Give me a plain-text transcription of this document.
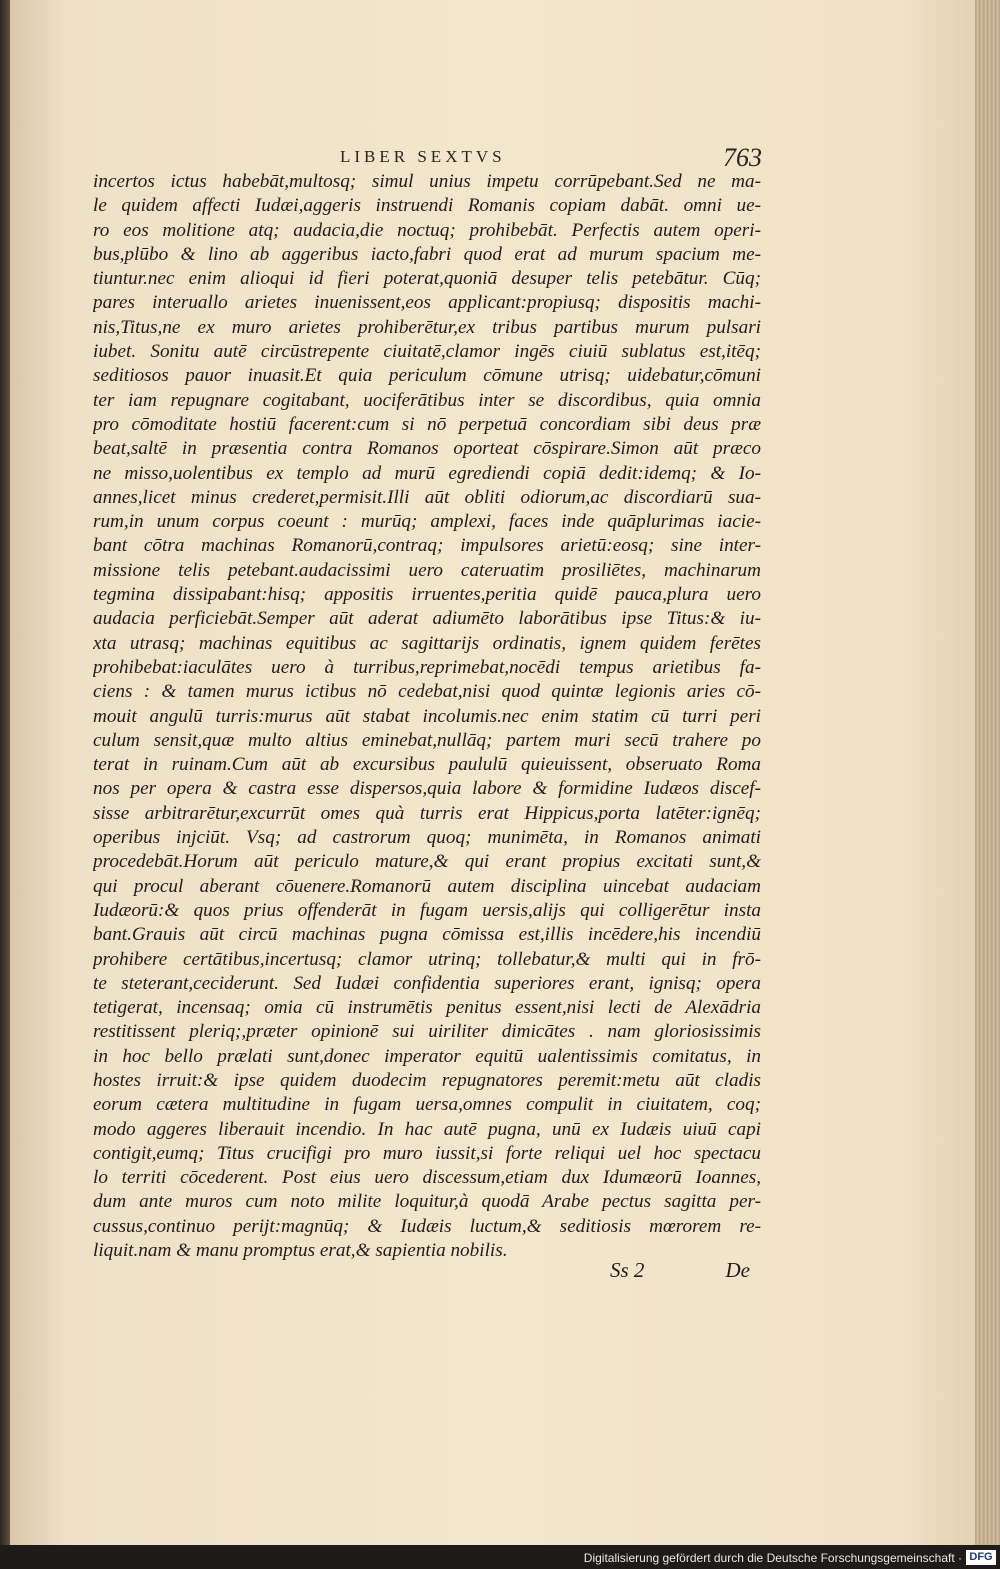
LIBER SEXTVS	763
incertos ictus habebāt,multosq; simul unius impetu corrūpebant.Sed ne ma-
le quidem affecti Iudæi,aggeris instruendi Romanis copiam dabāt. omni ue-
ro eos molitione atq; audacia,die noctuq; prohibebāt. Perfectis autem operi-
bus,plūbo & lino ab aggeribus iacto,fabri quod erat ad murum spacium me-
tiuntur.nec enim alioqui id fieri poterat,quoniā desuper telis petebātur. Cūq;
pares interuallo arietes inuenissent,eos applicant:propiusq; dispositis machi-
nis,Titus,ne ex muro arietes prohiberētur,ex tribus partibus murum pulsari
iubet. Sonitu autē circūstrepente ciuitatē,clamor ingēs ciuiū sublatus est,itēq;
seditiosos pauor inuasit.Et quia periculum cōmune utrisq; uidebatur,cōmuni
ter iam repugnare cogitabant, uociferātibus inter se discordibus, quia omnia
pro cōmoditate hostiū facerent:cum si nō perpetuā concordiam sibi deus præ
beat,saltē in præsentia contra Romanos oporteat cōspirare.Simon aūt præco
ne misso,uolentibus ex templo ad murū egrediendi copiā dedit:idemq; & Io-
annes,licet minus crederet,permisit.Illi aūt obliti odiorum,ac discordiarū sua-
rum,in unum corpus coeunt : murūq; amplexi, faces inde quāplurimas iacie-
bant cōtra machinas Romanorū,contraq; impulsores arietū:eosq; sine inter-
missione telis petebant.audacissimi uero cateruatim prosiliētes, machinarum
tegmina dissipabant:hisq; appositis irruentes,peritia quidē pauca,plura uero
audacia perficiebāt.Semper aūt aderat adiumēto laborātibus ipse Titus:& iu-
xta utrasq; machinas equitibus ac sagittarijs ordinatis, ignem quidem ferētes
prohibebat:iaculātes uero à turribus,reprimebat,nocēdi tempus arietibus fa-
ciens : & tamen murus ictibus nō cedebat,nisi quod quintæ legionis aries cō-
mouit angulū turris:murus aūt stabat incolumis.nec enim statim cū turri peri
culum sensit,quæ multo altius eminebat,nullāq; partem muri secū trahere po
terat in ruinam.Cum aūt ab excursibus paululū quieuissent, obseruato Roma
nos per opera & castra esse dispersos,quia labore & formidine Iudæos discef-
sisse arbitrarētur,excurrūt omes quà turris erat Hippicus,porta latēter:ignēq;
operibus injciūt. Vsq; ad castrorum quoq; munimēta, in Romanos animati
procedebāt.Horum aūt periculo mature,& qui erant propius excitati sunt,&
qui procul aberant cōuenere.Romanorū autem disciplina uincebat audaciam
Iudæorū:& quos prius offenderāt in fugam uersis,alijs qui colligerētur insta
bant.Grauis aūt circū machinas pugna cōmissa est,illis incēdere,his incendiū
prohibere certātibus,incertusq; clamor utrinq; tollebatur,& multi qui in frō-
te steterant,ceciderunt. Sed Iudæi confidentia superiores erant, ignisq; opera
tetigerat, incensaq; omia cū instrumētis penitus essent,nisi lecti de Alexādria
restitissent pleriq;,præter opinionē sui uiriliter dimicātes . nam gloriosissimis
in hoc bello prælati sunt,donec imperator equitū ualentissimis comitatus, in
hostes irruit:& ipse quidem duodecim repugnatores peremit:metu aūt cladis
eorum cætera multitudine in fugam uersa,omnes compulit in ciuitatem, coq;
modo aggeres liberauit incendio. In hac autē pugna, unū ex Iudæis uiuū capi
contigit,eumq; Titus crucifigi pro muro iussit,si forte reliqui uel hoc spectacu
lo territi cōcederent. Post eius uero discessum,etiam dux Idumæorū Ioannes,
dum ante muros cum noto milite loquitur,à quodā Arabe pectus sagitta per-
cussus,continuo perijt:magnūq; & Iudæis luctum,& seditiosis mœrorem re-
liquit.nam & manu promptus erat,& sapientia nobilis.
Ss 2	De
Digitalisierung gefördert durch die Deutsche Forschungsgemeinschaft · DFG
